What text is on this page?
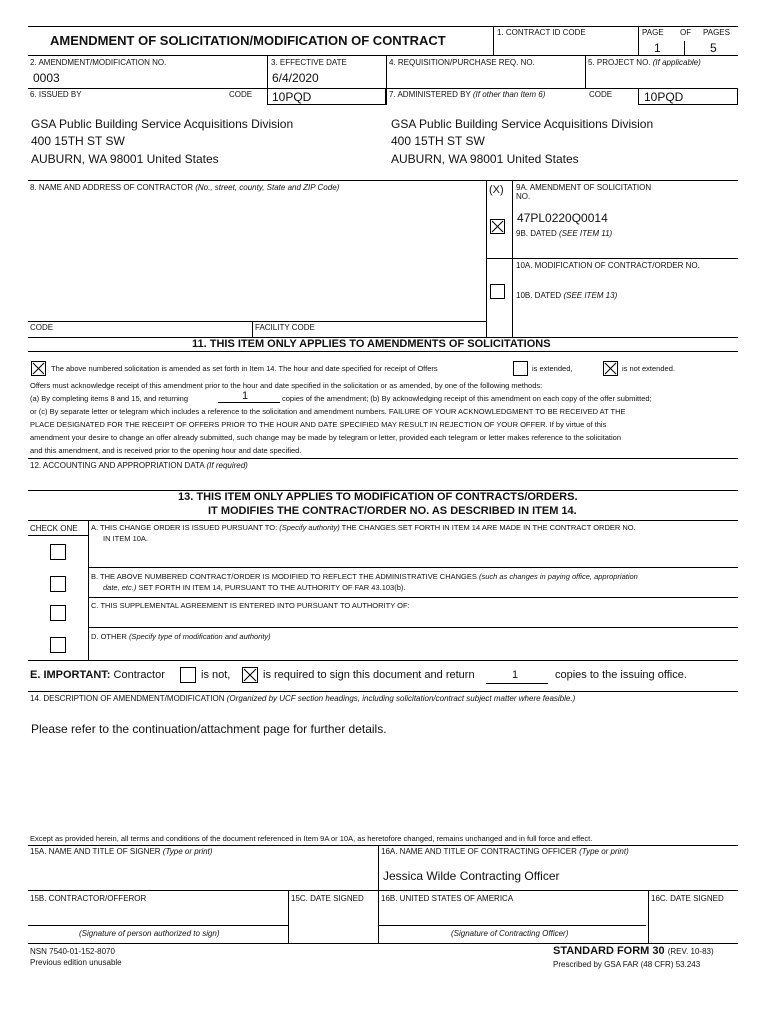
AMENDMENT OF SOLICITATION/MODIFICATION OF CONTRACT
1. CONTRACT ID CODE	PAGE OF PAGES
1	5
2. AMENDMENT/MODIFICATION NO.
0003
3. EFFECTIVE DATE
6/4/2020
4. REQUISITION/PURCHASE REQ. NO.	5. PROJECT NO. (If applicable)
6. ISSUED BY	CODE 10PQD	7. ADMINISTERED BY (If other than Item 6)	CODE	10PQD
GSA Public Building Service Acquisitions Division
400 15TH ST SW
AUBURN, WA 98001 United States
GSA Public Building Service Acquisitions Division
400 15TH ST SW
AUBURN, WA 98001 United States
8. NAME AND ADDRESS OF CONTRACTOR (No., street, county, State and ZIP Code)	(X) 9A. AMENDMENT OF SOLICITATION
NO.
47PL0220Q0014
9B. DATED (SEE ITEM 11)
10A. MODIFICATION OF CONTRACT/ORDER NO.
10B. DATED (SEE ITEM 13)
CODE	FACILITY CODE
11. THIS ITEM ONLY APPLIES TO AMENDMENTS OF SOLICITATIONS
The above numbered solicitation is amended as set forth in Item 14. The hour and date specified for receipt of Offers	is extended,	is not extended.
Offers must acknowledge receipt of this amendment prior to the hour and date specified in the solicitation or as amended, by one of the following methods:
(a) By completing items 8 and 15, and returning	1	copies of the amendment; (b) By acknowledging receipt of this amendment on each copy of the offer submitted;
or (c) By separate letter or telegram which includes a reference to the solicitation and amendment numbers. FAILURE OF YOUR ACKNOWLEDGMENT TO BE RECEIVED AT THE
PLACE DESIGNATED FOR THE RECEIPT OF OFFERS PRIOR TO THE HOUR AND DATE SPECIFIED MAY RESULT IN REJECTION OF YOUR OFFER. If by virtue of this
amendment your desire to change an offer already submitted, such change may be made by telegram or letter, provided each telegram or letter makes reference to the solicitation
and this amendment, and is received prior to the opening hour and date specified.
12. ACCOUNTING AND APPROPRIATION DATA (If required)
13. THIS ITEM ONLY APPLIES TO MODIFICATION OF CONTRACTS/ORDERS.
IT MODIFIES THE CONTRACT/ORDER NO. AS DESCRIBED IN ITEM 14.
CHECK ONE A. THIS CHANGE ORDER IS ISSUED PURSUANT TO: (Specify authority) THE CHANGES SET FORTH IN ITEM 14 ARE MADE IN THE CONTRACT ORDER NO.
IN ITEM 10A.
B. THE ABOVE NUMBERED CONTRACT/ORDER IS MODIFIED TO REFLECT THE ADMINISTRATIVE CHANGES (such as changes in paying office, appropriation
date, etc.) SET FORTH IN ITEM 14, PURSUANT TO THE AUTHORITY OF FAR 43.103(b).
C. THIS SUPPLEMENTAL AGREEMENT IS ENTERED INTO PURSUANT TO AUTHORITY OF:
D. OTHER (Specify type of modification and authority)
E. IMPORTANT: Contractor	is not,	is required to sign this document and return	1	copies to the issuing office.
14. DESCRIPTION OF AMENDMENT/MODIFICATION (Organized by UCF section headings, including solicitation/contract subject matter where feasible.)
Please refer to the continuation/attachment page for further details.
Except as provided herein, all terms and conditions of the document referenced in Item 9A or 10A, as heretofore changed, remains unchanged and in full force and effect.
15A. NAME AND TITLE OF SIGNER (Type or print)	16A. NAME AND TITLE OF CONTRACTING OFFICER (Type or print)
Jessica Wilde Contracting Officer
15B. CONTRACTOR/OFFEROR	15C. DATE SIGNED 16B. UNITED STATES OF AMERICA	16C. DATE SIGNED
(Signature of person authorized to sign)	(Signature of Contracting Officer)
NSN 7540-01-152-8070
Previous edition unusable
STANDARD FORM 30 (REV. 10-83)
Prescribed by GSA FAR (48 CFR) 53.243
